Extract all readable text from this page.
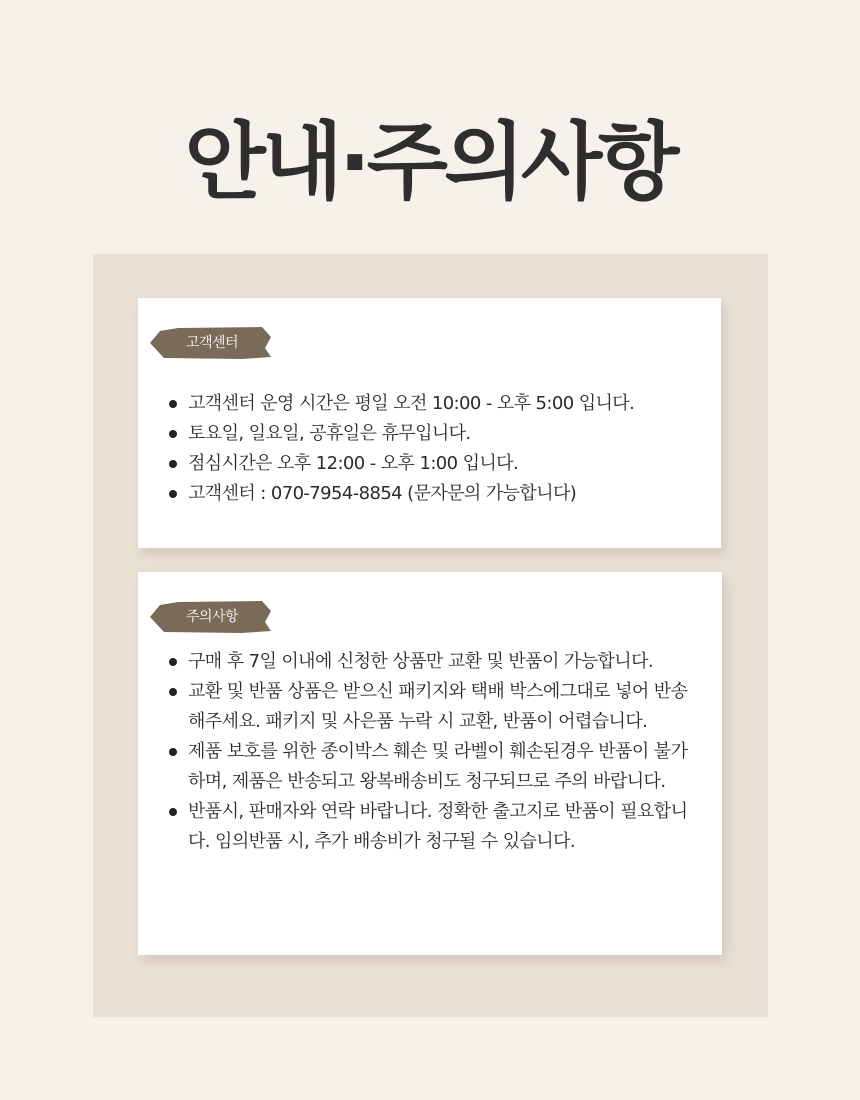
안내·주의사항
고객센터
고객센터 운영 시간은 평일 오전 10:00 - 오후 5:00 입니다.
토요일, 일요일, 공휴일은 휴무입니다.
점심시간은 오후 12:00 - 오후 1:00 입니다.
고객센터 : 070-7954-8854 (문자문의 가능합니다)
주의사항
구매 후 7일 이내에 신청한 상품만 교환 및 반품이 가능합니다.
교환 및 반품 상품은 받으신 패키지와 택배 박스에그대로 넣어 반송해주세요. 패키지 및 사은품 누락 시 교환, 반품이 어렵습니다.
제품 보호를 위한 종이박스 훼손 및 라벨이 훼손된경우 반품이 불가하며, 제품은 반송되고 왕복배송비도 청구되므로 주의 바랍니다.
반품시, 판매자와 연락 바랍니다. 정확한 출고지로 반품이 필요합니다. 임의반품 시, 추가 배송비가 청구될 수 있습니다.
